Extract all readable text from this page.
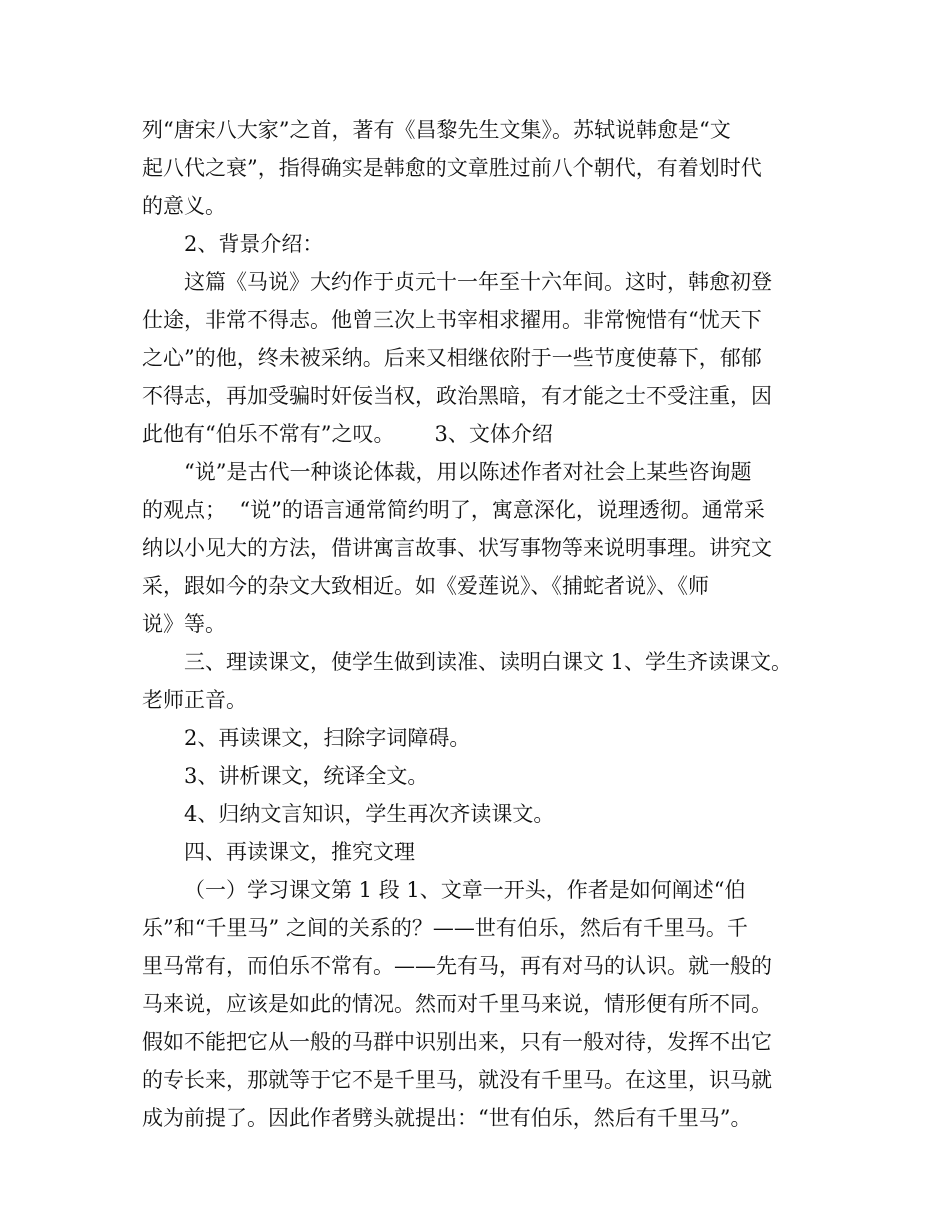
列“唐宋八大家”之首，著有《昌黎先生文集》。苏轼说韩愈是“文

起八代之衰”，指得确实是韩愈的文章胜过前八个朝代，有着划时代

的意义。

2、背景介绍：

这篇《马说》大约作于贞元十一年至十六年间。这时，韩愈初登

仕途，非常不得志。他曾三次上书宰相求擢用。非常惋惜有“忧天下

之心”的他，终未被采纳。后来又相继依附于一些节度使幕下，郁郁

不得志，再加受骗时奸佞当权，政治黑暗，有才能之士不受注重，因

此他有“伯乐不常有”之叹。      3、文体介绍

“说”是古代一种谈论体裁，用以陈述作者对社会上某些咨询题

的观点；  “说”的语言通常简约明了，寓意深化，说理透彻。通常采

纳以小见大的方法，借讲寓言故事、状写事物等来说明事理。讲究文

采，跟如今的杂文大致相近。如《爱莲说》、《捕蛇者说》、《师

说》等。

三、理读课文，使学生做到读准、读明白课文 1、学生齐读课文。

老师正音。

2、再读课文，扫除字词障碍。

3、讲析课文，统译全文。

4、归纳文言知识，学生再次齐读课文。

四、再读课文，推究文理

（一）学习课文第 1 段 1、文章一开头，作者是如何阐述“伯

乐”和“千里马” 之间的关系的？——世有伯乐，然后有千里马。千

里马常有，而伯乐不常有。——先有马，再有对马的认识。就一般的

马来说，应该是如此的情况。然而对千里马来说，情形便有所不同。

假如不能把它从一般的马群中识别出来，只有一般对待，发挥不出它

的专长来，那就等于它不是千里马，就没有千里马。在这里，识马就

成为前提了。因此作者劈头就提出：“世有伯乐，然后有千里马”。
